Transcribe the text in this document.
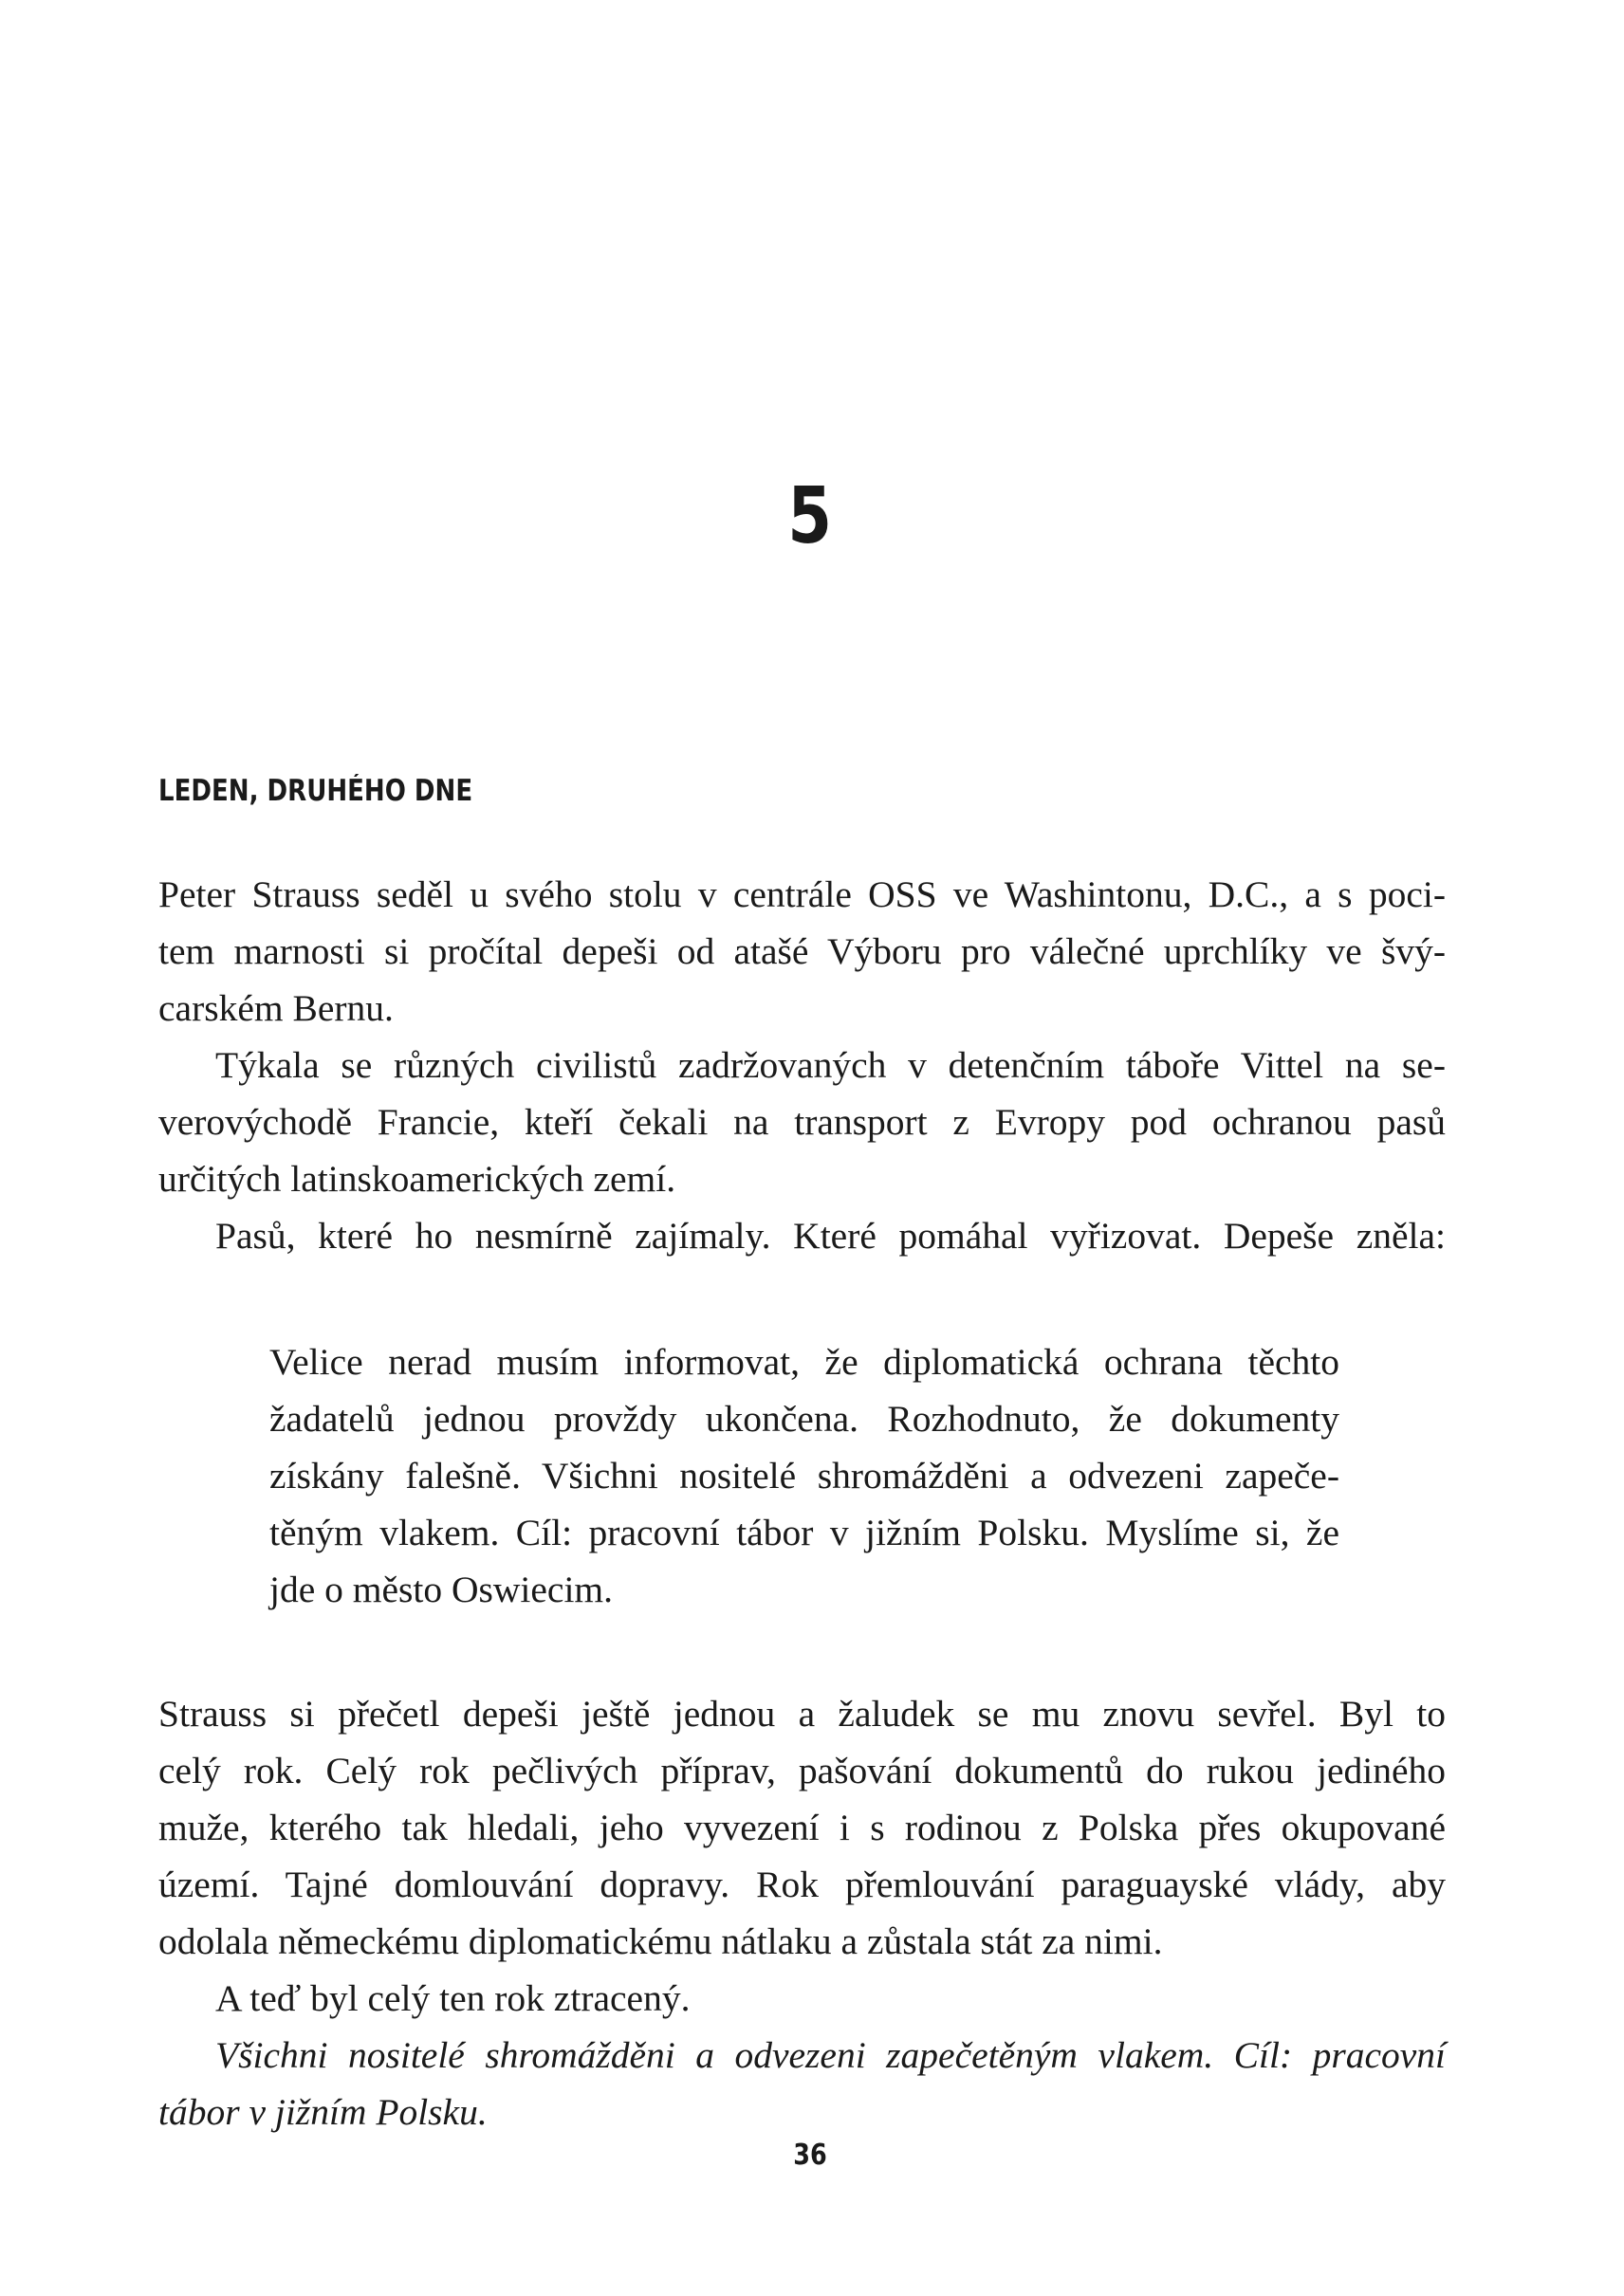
5
LEDEN, DRUHÉHO DNE
Peter Strauss seděl u svého stolu v centrále OSS ve Washintonu, D.C., a s poci-
tem marnosti si pročítal depeši od atašé Výboru pro válečné uprchlíky ve švý-
carském Bernu.
Týkala se různých civilistů zadržovaných v detenčním táboře Vittel na se-
verovýchodě Francie, kteří čekali na transport z Evropy pod ochranou pasů
určitých latinskoamerických zemí.
Pasů, které ho nesmírně zajímaly. Které pomáhal vyřizovat. Depeše zněla:
Velice nerad musím informovat, že diplomatická ochrana těchto
žadatelů jednou provždy ukončena. Rozhodnuto, že dokumenty
získány falešně. Všichni nositelé shromážděni a odvezeni zapeče-
těným vlakem. Cíl: pracovní tábor v jižním Polsku. Myslíme si, že
jde o město Oswiecim.
Strauss si přečetl depeši ještě jednou a žaludek se mu znovu sevřel. Byl to
celý rok. Celý rok pečlivých příprav, pašování dokumentů do rukou jediného
muže, kterého tak hledali, jeho vyvezení i s rodinou z Polska přes okupované
území. Tajné domlouvání dopravy. Rok přemlouvání paraguayské vlády, aby
odolala německému diplomatickému nátlaku a zůstala stát za nimi.
A teď byl celý ten rok ztracený.
Všichni nositelé shromážděni a odvezeni zapečetěným vlakem. Cíl: pracovní
tábor v jižním Polsku.
36
